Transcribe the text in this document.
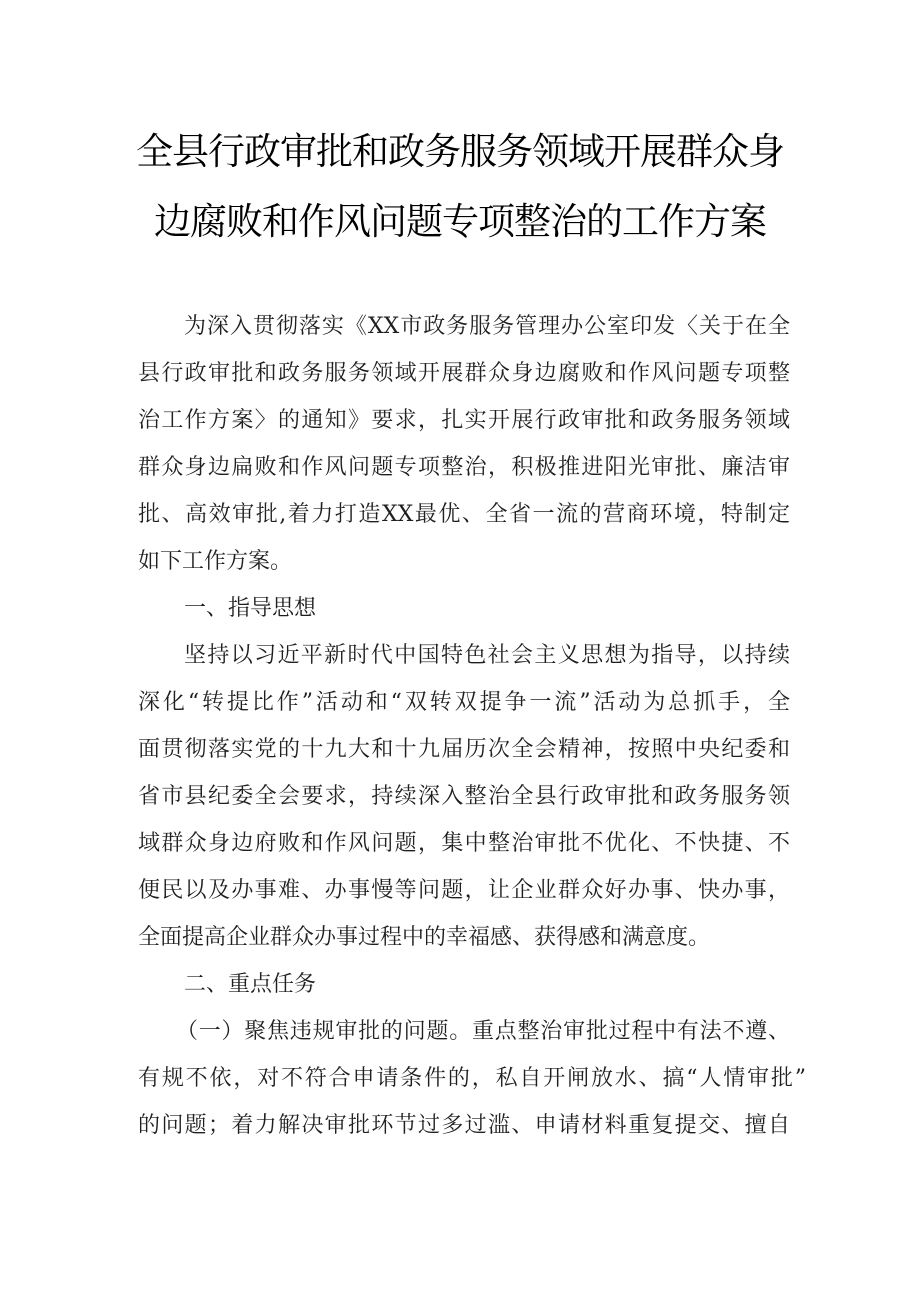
全县行政审批和政务服务领域开展群众身
边腐败和作风问题专项整治的工作方案

为深入贯彻落实《XX市政务服务管理办公室印发〈关于在全

县行政审批和政务服务领域开展群众身边腐败和作风问题专项整

治工作方案〉的通知》要求，扎实开展行政审批和政务服务领域

群众身边扁败和作风问题专项整治，积极推进阳光审批、廉洁审

批、高效审批,着力打造XX最优、全省一流的营商环境，特制定

如下工作方案。

一、指导思想

坚持以习近平新时代中国特色社会主义思想为指导，以持续

深化“转提比作”活动和“双转双提争一流”活动为总抓手，全

面贯彻落实党的十九大和十九届历次全会精神，按照中央纪委和

省市县纪委全会要求，持续深入整治全县行政审批和政务服务领

域群众身边府败和作风问题，集中整治审批不优化、不快捷、不

便民以及办事难、办事慢等问题，让企业群众好办事、快办事，

全面提高企业群众办事过程中的幸福感、获得感和满意度。

二、重点任务

（一）聚焦违规审批的问题。重点整治审批过程中有法不遵、

有规不依，对不符合申请条件的，私自开闸放水、搞“人情审批”

的问题；着力解决审批环节过多过滥、申请材料重复提交、擅自
